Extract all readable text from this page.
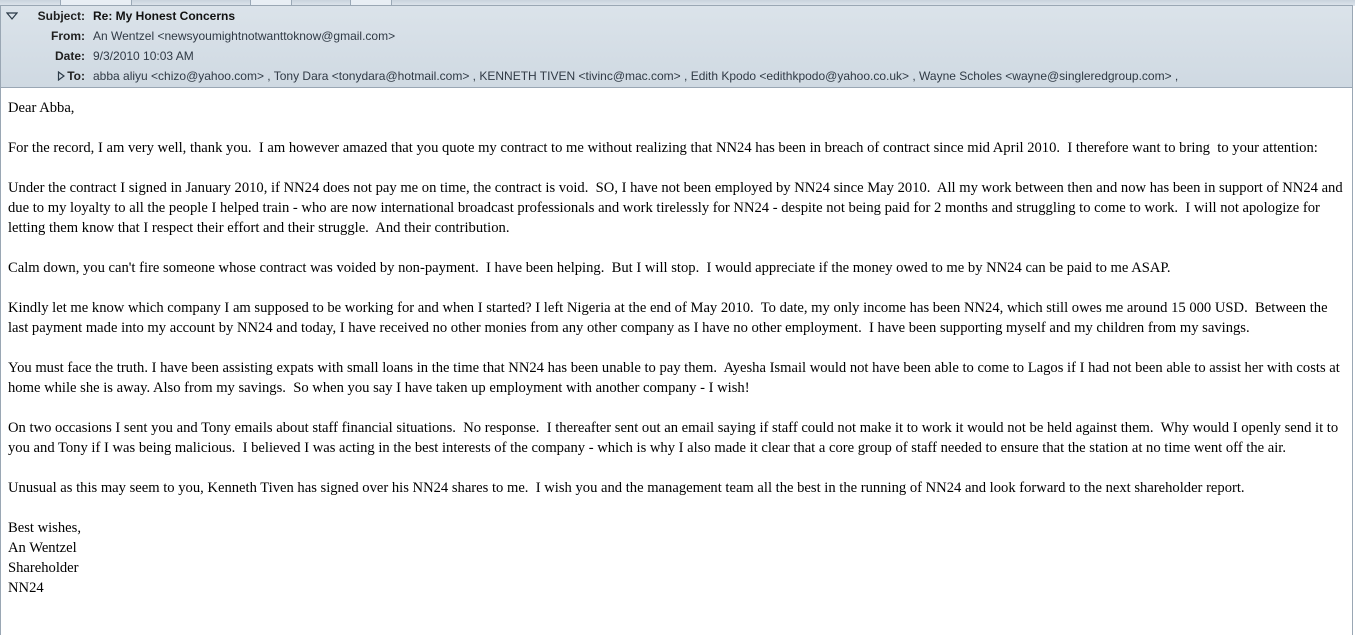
Subject: Re: My Honest Concerns
From: An Wentzel <newsyoumightnotwanttoknow@gmail.com>
Date: 9/3/2010 10:03 AM
To: abba aliyu <chizo@yahoo.com> , Tony Dara <tonydara@hotmail.com> , KENNETH TIVEN <tivinc@mac.com> , Edith Kpodo <edithkpodo@yahoo.co.uk> , Wayne Scholes <wayne@singleredgroup.com> ,

Dear Abba,

For the record, I am very well, thank you.  I am however amazed that you quote my contract to me without realizing that NN24 has been in breach of contract since mid April 2010.  I therefore want to bring  to your attention:

Under the contract I signed in January 2010, if NN24 does not pay me on time, the contract is void.  SO, I have not been employed by NN24 since May 2010.  All my work between then and now has been in support of NN24 and due to my loyalty to all the people I helped train - who are now international broadcast professionals and work tirelessly for NN24 - despite not being paid for 2 months and struggling to come to work.  I will not apologize for letting them know that I respect their effort and their struggle.  And their contribution.

Calm down, you can't fire someone whose contract was voided by non-payment.  I have been helping.  But I will stop.  I would appreciate if the money owed to me by NN24 can be paid to me ASAP.

Kindly let me know which company I am supposed to be working for and when I started? I left Nigeria at the end of May 2010.  To date, my only income has been NN24, which still owes me around 15 000 USD.  Between the last payment made into my account by NN24 and today, I have received no other monies from any other company as I have no other employment.  I have been supporting myself and my children from my savings.

You must face the truth. I have been assisting expats with small loans in the time that NN24 has been unable to pay them.  Ayesha Ismail would not have been able to come to Lagos if I had not been able to assist her with costs at home while she is away. Also from my savings.  So when you say I have taken up employment with another company - I wish!

On two occasions I sent you and Tony emails about staff financial situations.  No response.  I thereafter sent out an email saying if staff could not make it to work it would not be held against them.  Why would I openly send it to you and Tony if I was being malicious.  I believed I was acting in the best interests of the company - which is why I also made it clear that a core group of staff needed to ensure that the station at no time went off the air.

Unusual as this may seem to you, Kenneth Tiven has signed over his NN24 shares to me.  I wish you and the management team all the best in the running of NN24 and look forward to the next shareholder report.

Best wishes,

An Wentzel

Shareholder

NN24
